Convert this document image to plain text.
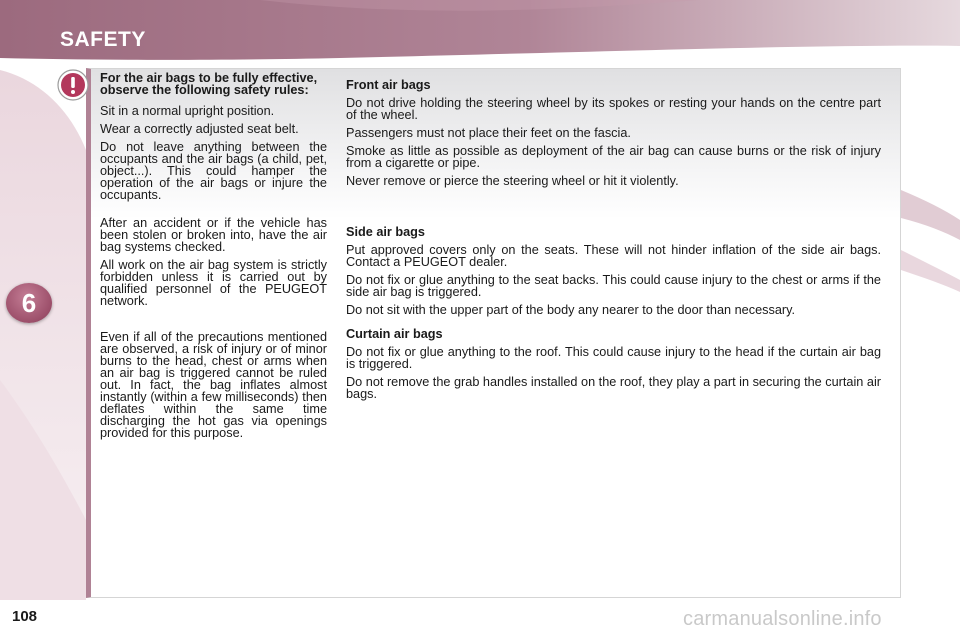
SAFETY
6

For the air bags to be fully effective, observe the following safety rules:

Sit in a normal upright position.

Wear a correctly adjusted seat belt.

Do not leave anything between the occupants and the air bags (a child, pet, object...). This could hamper the operation of the air bags or injure the occupants.

After an accident or if the vehicle has been stolen or broken into, have the air bag systems checked.

All work on the air bag system is strictly forbidden unless it is carried out by qualified personnel of the PEUGEOT network.

Even if all of the precautions mentioned are observed, a risk of injury or of minor burns to the head, chest or arms when an air bag is triggered cannot be ruled out. In fact, the bag inflates almost instantly (within a few milliseconds) then deflates within the same time discharging the hot gas via openings provided for this purpose.

Front air bags

Do not drive holding the steering wheel by its spokes or resting your hands on the centre part of the wheel.

Passengers must not place their feet on the fascia.

Smoke as little as possible as deployment of the air bag can cause burns or the risk of injury from a cigarette or pipe.

Never remove or pierce the steering wheel or hit it violently.

Side air bags

Put approved covers only on the seats. These will not hinder inflation of the side air bags. Contact a PEUGEOT dealer.

Do not fix or glue anything to the seat backs. This could cause injury to the chest or arms if the side air bag is triggered.

Do not sit with the upper part of the body any nearer to the door than necessary.

Curtain air bags

Do not fix or glue anything to the roof. This could cause injury to the head if the curtain air bag is triggered.

Do not remove the grab handles installed on the roof, they play a part in securing the curtain air bags.

108	carmanualsonline.info
